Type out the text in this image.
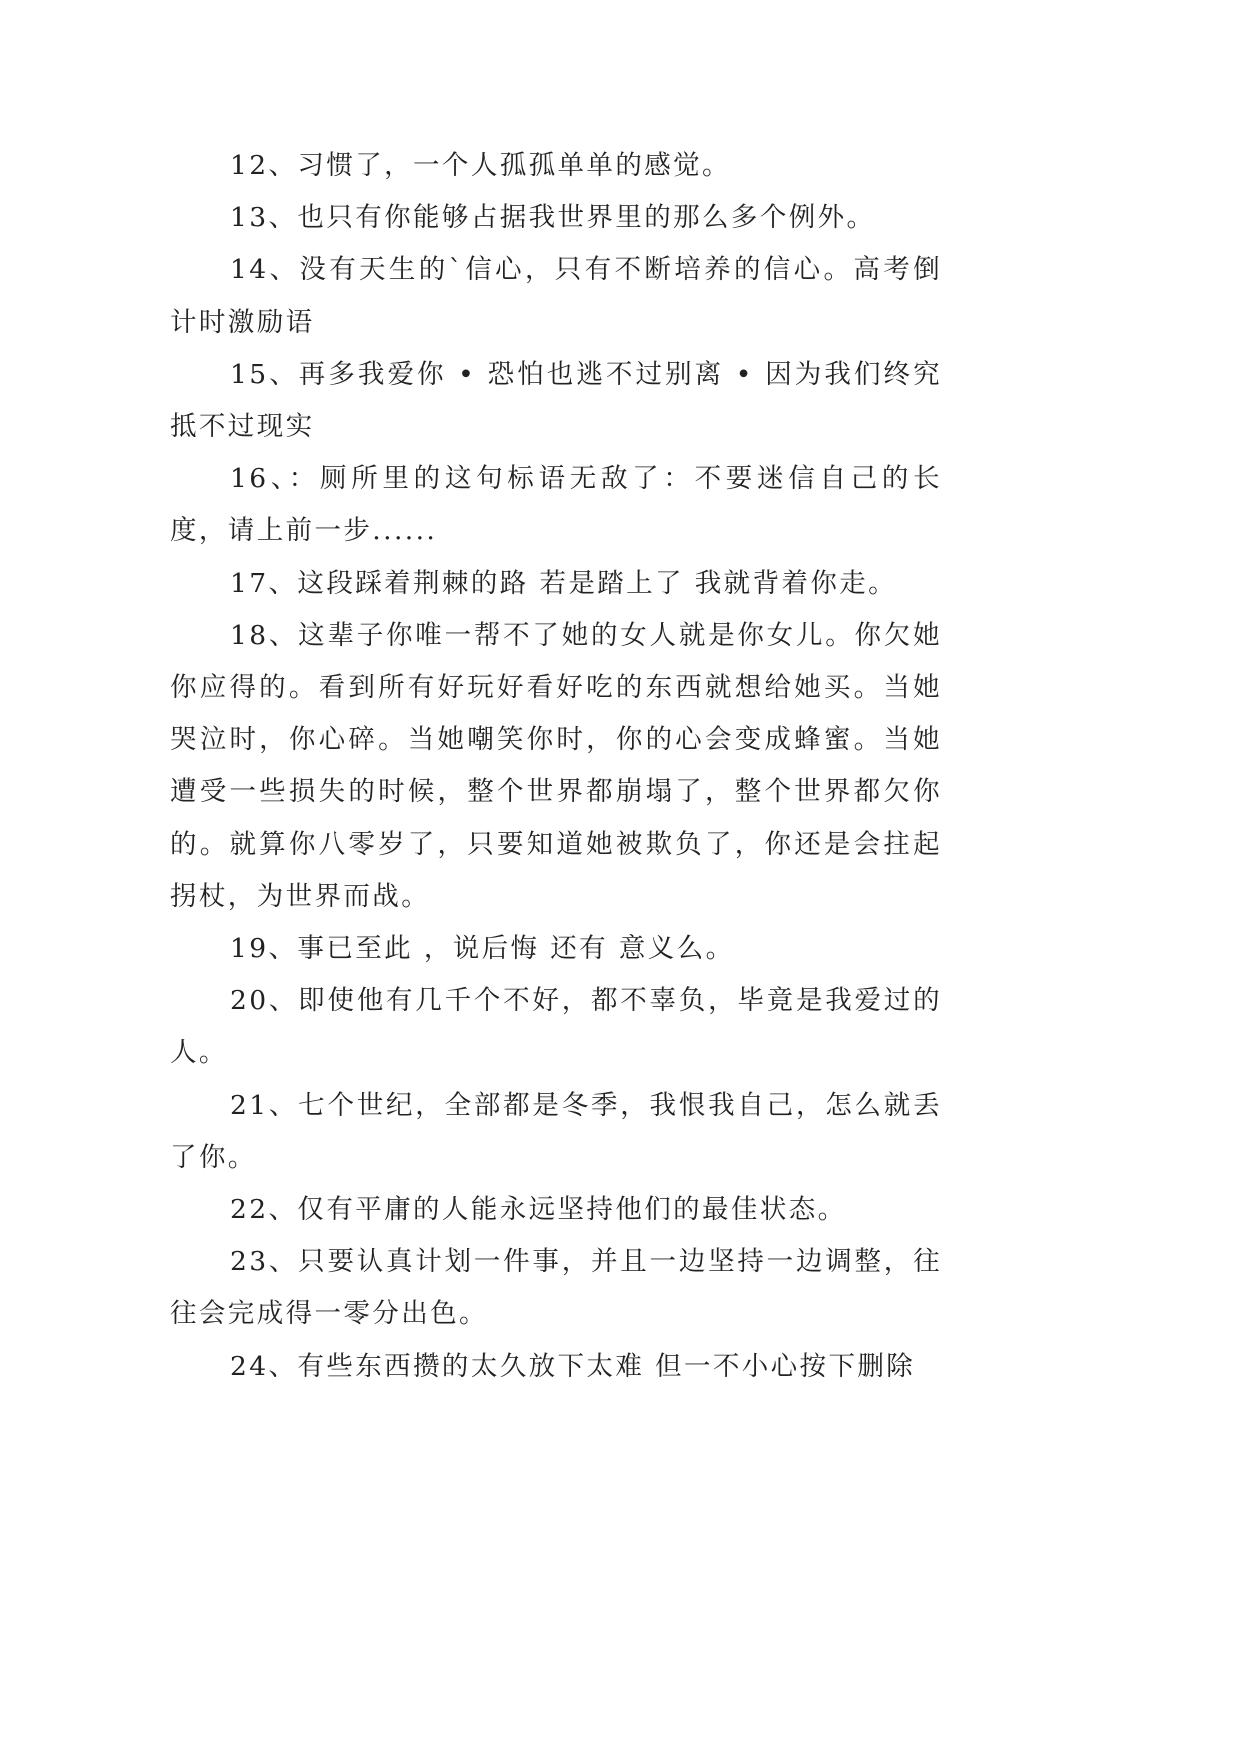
12、习惯了，一个人孤孤单单的感觉。

13、也只有你能够占据我世界里的那么多个例外。

14、没有天生的`信心，只有不断培养的信心。高考倒计时激励语

15、再多我爱你 • 恐怕也逃不过别离 • 因为我们终究抵不过现实

16、：厕所里的这句标语无敌了：不要迷信自己的长度，请上前一步......

17、这段踩着荆棘的路 若是踏上了 我就背着你走。

18、这辈子你唯一帮不了她的女人就是你女儿。你欠她你应得的。看到所有好玩好看好吃的东西就想给她买。当她哭泣时，你心碎。当她嘲笑你时，你的心会变成蜂蜜。当她遭受一些损失的时候，整个世界都崩塌了，整个世界都欠你的。就算你八零岁了，只要知道她被欺负了，你还是会拄起拐杖，为世界而战。

19、事已至此 ，说后悔 还有 意义么。

20、即使他有几千个不好，都不辜负，毕竟是我爱过的人。

21、七个世纪，全部都是冬季，我恨我自己，怎么就丢了你。

22、仅有平庸的人能永远坚持他们的最佳状态。

23、只要认真计划一件事，并且一边坚持一边调整，往往会完成得一零分出色。

24、有些东西攒的太久放下太难 但一不小心按下删除
